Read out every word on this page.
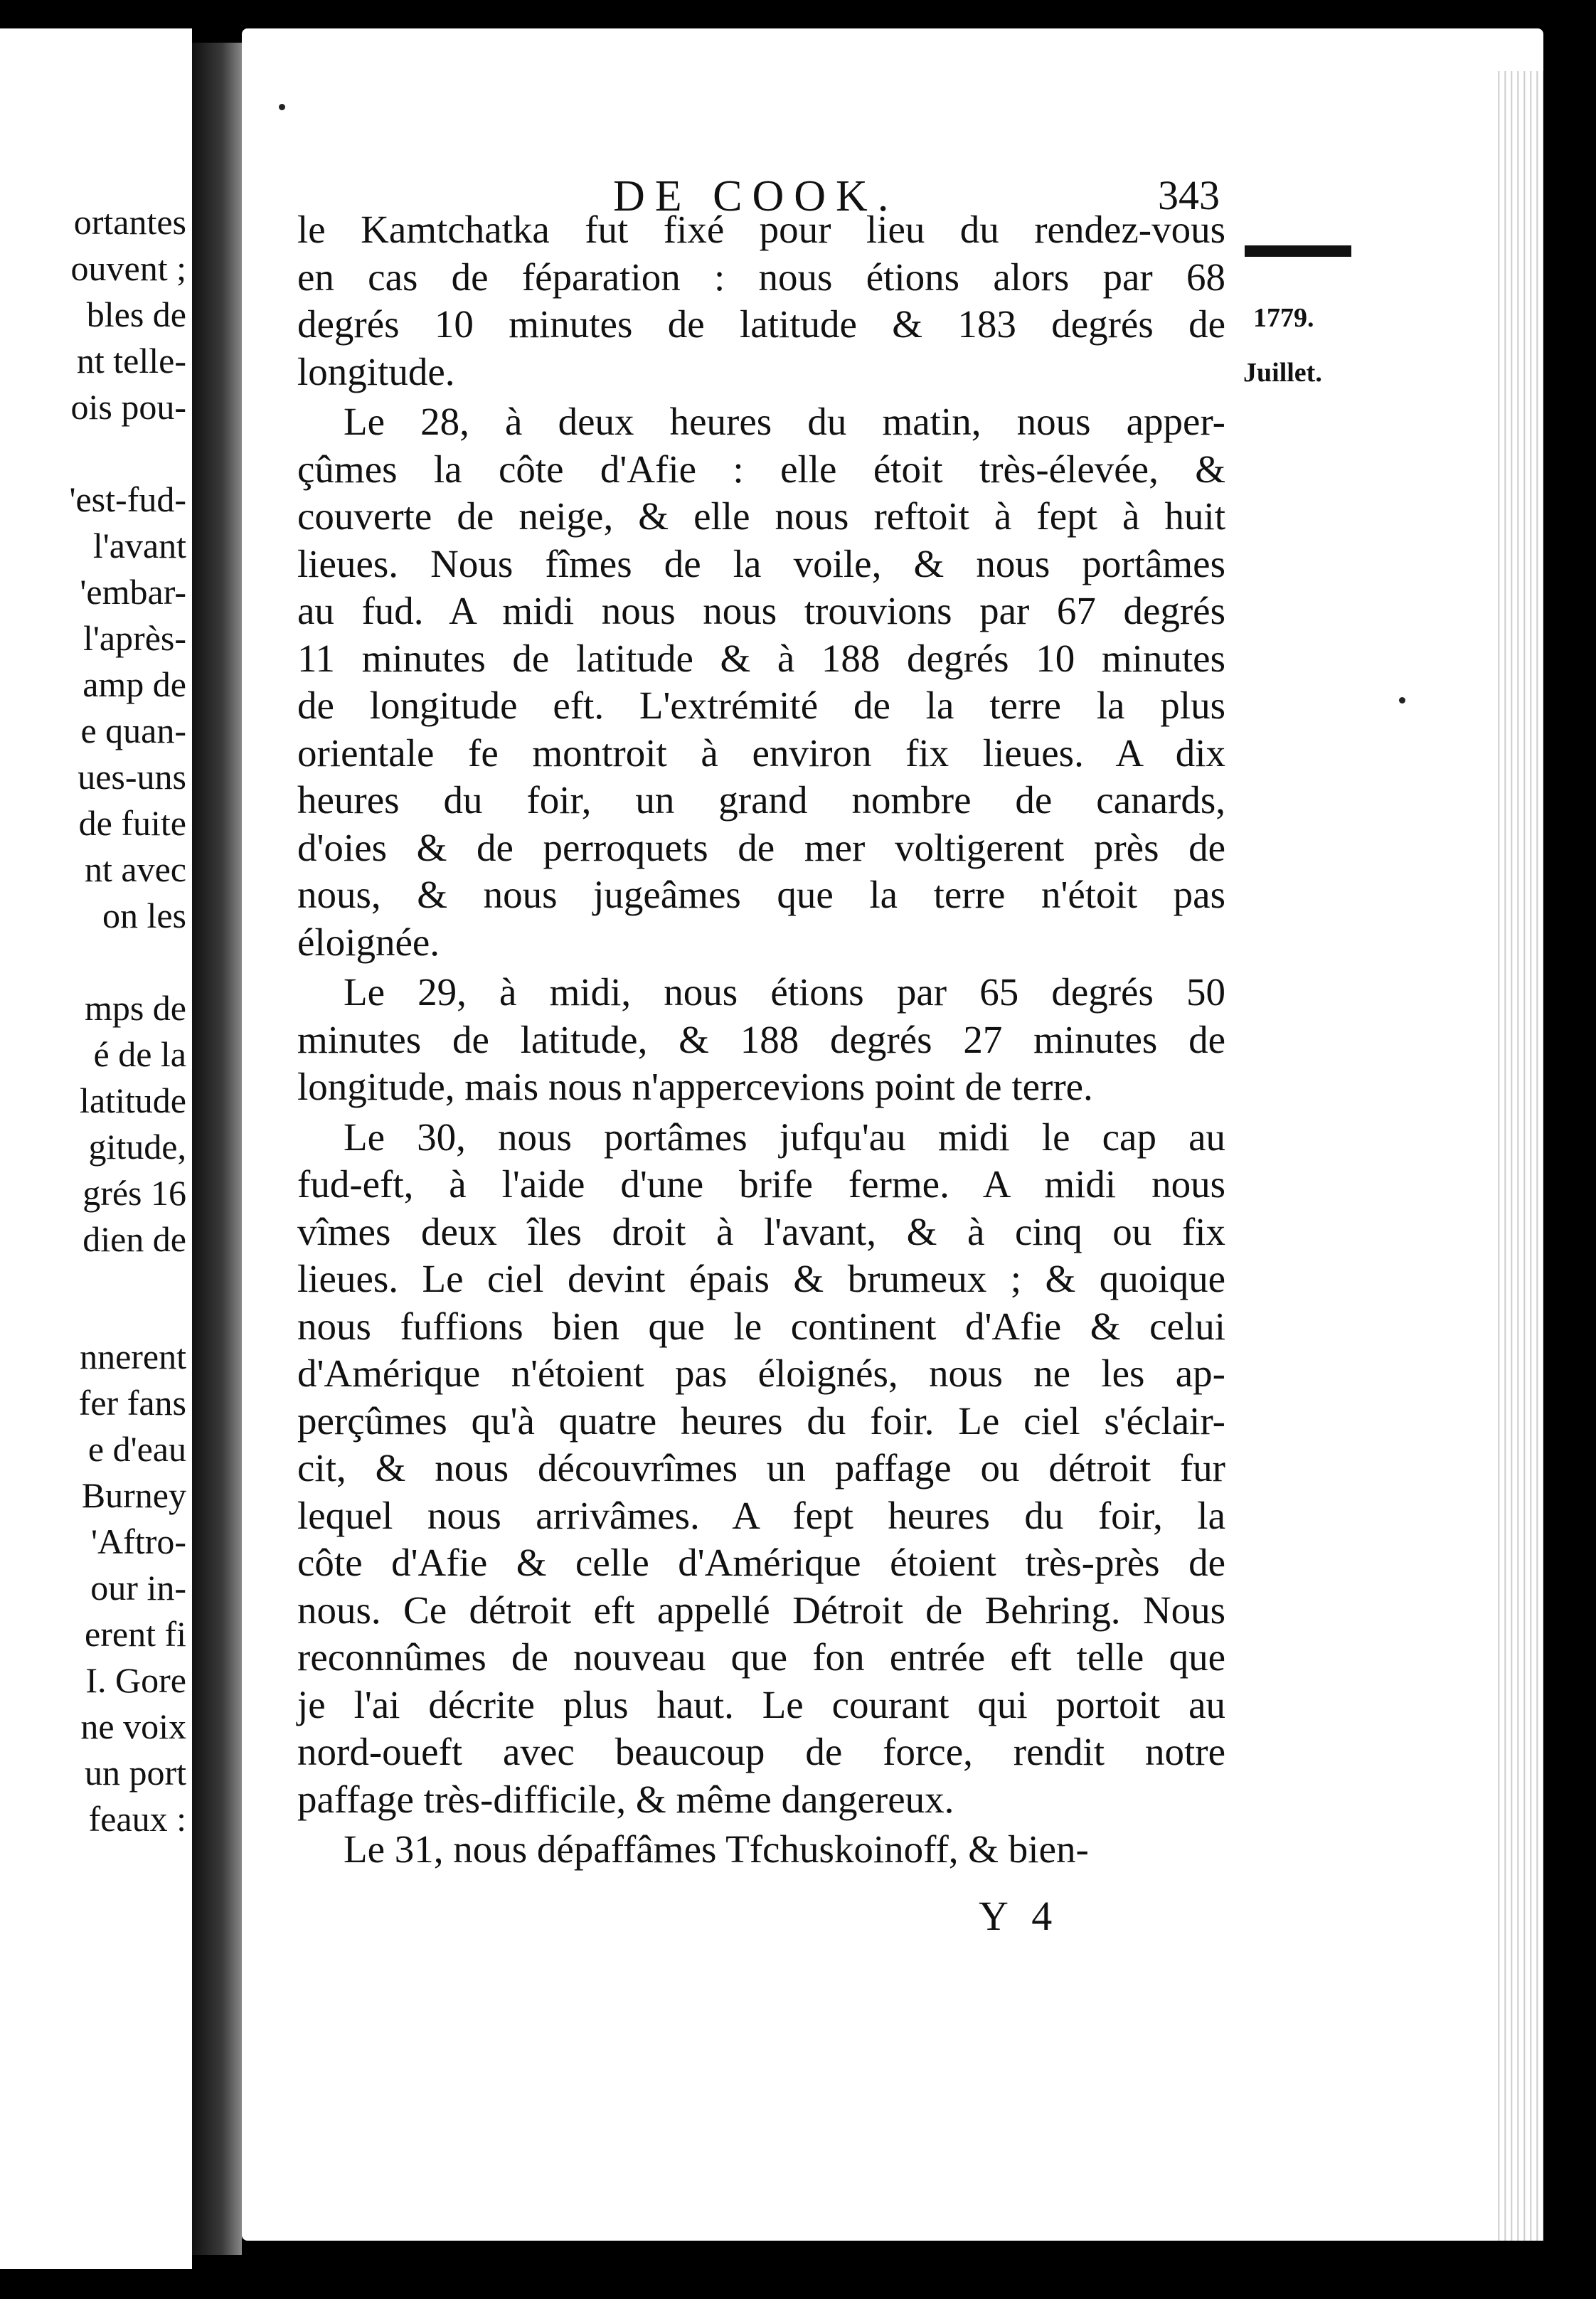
ortantes

ouvent ;

bles de

nt telle-

ois pou-

'est-fud-

l'avant

'embar-

l'après-

amp de

e quan-

ues-uns

de fuite

nt avec

on les

mps de

é de la

latitude

gitude,

grés 16

dien de

nnerent

fer fans

e d'eau

Burney

'Aftro-

our in-

erent fi

I. Gore

ne voix

un port

feaux :

DE COOK.	343

1779.

Juillet.

le Kamtchatka fut fixé pour lieu du rendez-vous
en cas de féparation : nous étions alors par 68
degrés 10 minutes de latitude & 183 degrés de
longitude.
Le 28, à deux heures du matin, nous apper-
çûmes la côte d'Afie : elle étoit très-élevée, &
couverte de neige, & elle nous reftoit à fept à huit
lieues. Nous fîmes de la voile, & nous portâmes
au fud. A midi nous nous trouvions par 67 degrés
11 minutes de latitude & à 188 degrés 10 minutes
de longitude eft. L'extrémité de la terre la plus
orientale fe montroit à environ fix lieues. A dix
heures du foir, un grand nombre de canards,
d'oies & de perroquets de mer voltigerent près de
nous, & nous jugeâmes que la terre n'étoit pas
éloignée.
Le 29, à midi, nous étions par 65 degrés 50
minutes de latitude, & 188 degrés 27 minutes de
longitude, mais nous n'appercevions point de terre.
Le 30, nous portâmes jufqu'au midi le cap au
fud-eft, à l'aide d'une brife ferme. A midi nous
vîmes deux îles droit à l'avant, & à cinq ou fix
lieues. Le ciel devint épais & brumeux ; & quoique
nous fuffions bien que le continent d'Afie & celui
d'Amérique n'étoient pas éloignés, nous ne les ap-
perçûmes qu'à quatre heures du foir. Le ciel s'éclair-
cit, & nous découvrîmes un paffage ou détroit fur
lequel nous arrivâmes. A fept heures du foir, la
côte d'Afie & celle d'Amérique étoient très-près de
nous. Ce détroit eft appellé Détroit de Behring. Nous
reconnûmes de nouveau que fon entrée eft telle que
je l'ai décrite plus haut. Le courant qui portoit au
nord-oueft avec beaucoup de force, rendit notre
paffage très-difficile, & même dangereux.
Le 31, nous dépaffâmes Tfchuskoinoff, & bien-

Y 4
